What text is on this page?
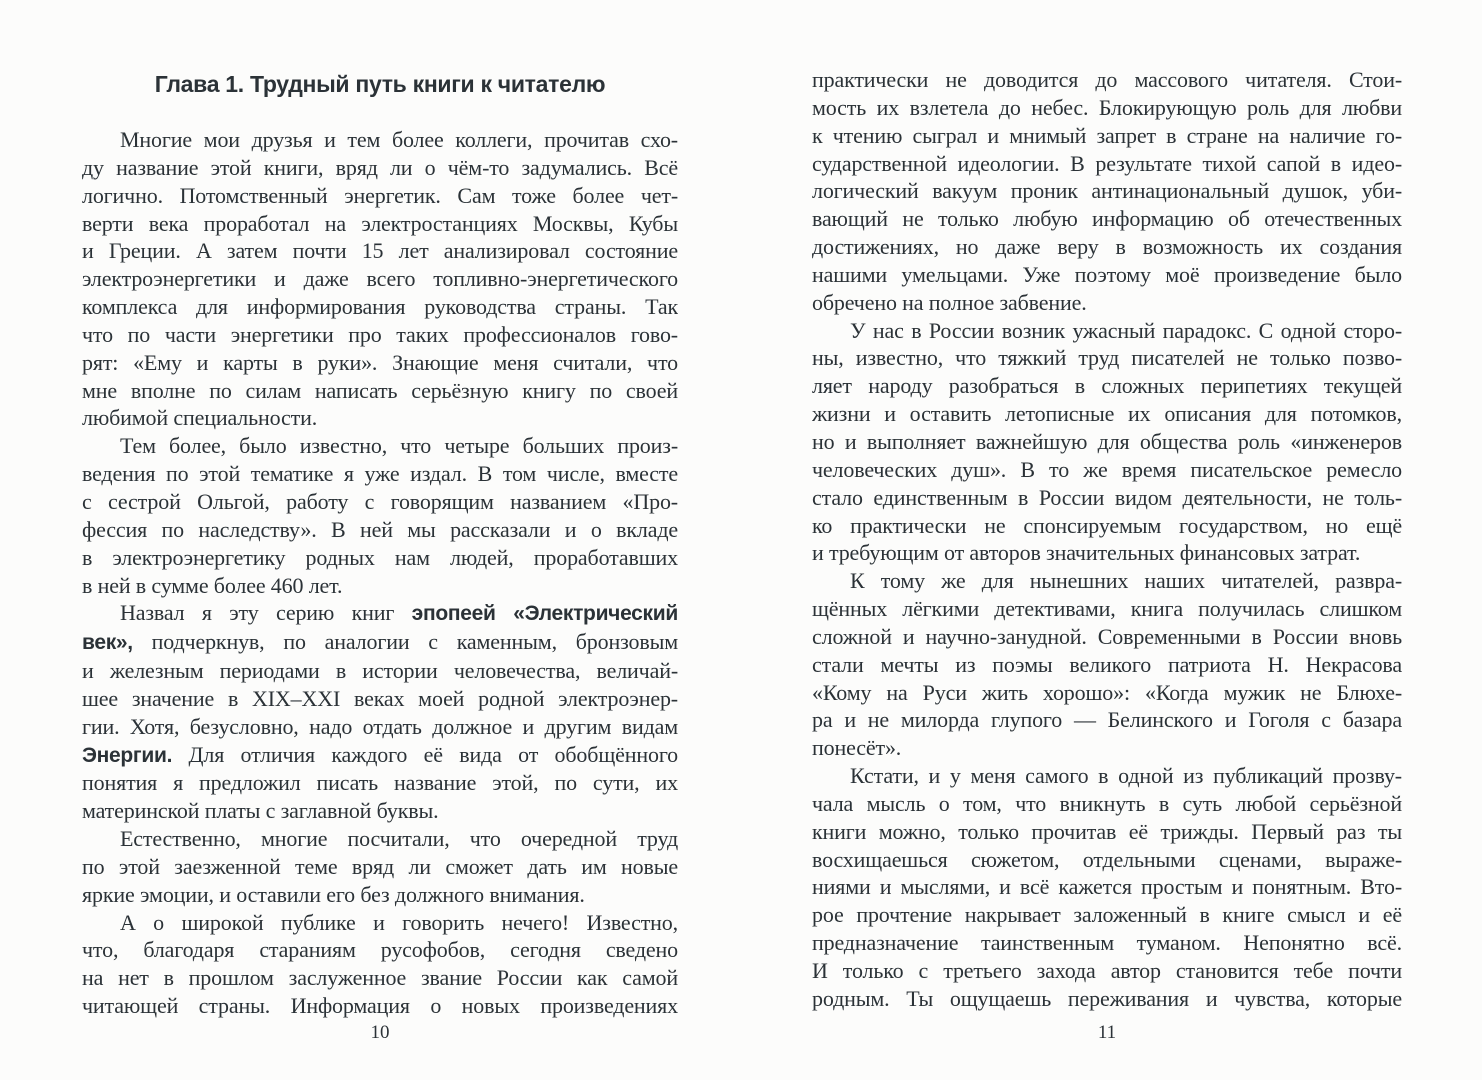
Глава 1. Трудный путь книги к читателю
Многие мои друзья и тем более коллеги, прочитав схо-
ду название этой книги, вряд ли о чём-то задумались. Всё
логично. Потомственный энергетик. Сам тоже более чет-
верти века проработал на электростанциях Москвы, Кубы
и Греции. А затем почти 15 лет анализировал состояние
электроэнергетики и даже всего топливно-энергетического
комплекса для информирования руководства страны. Так
что по части энергетики про таких профессионалов гово-
рят: «Ему и карты в руки». Знающие меня считали, что
мне вполне по силам написать серьёзную книгу по своей
любимой специальности.
Тем более, было известно, что четыре больших произ-
ведения по этой тематике я уже издал. В том числе, вместе
с сестрой Ольгой, работу с говорящим названием «Про-
фессия по наследству». В ней мы рассказали и о вкладе
в электроэнергетику родных нам людей, проработавших
в ней в сумме более 460 лет.
Назвал я эту серию книг эпопеей «Электрический
век», подчеркнув, по аналогии с каменным, бронзовым
и железным периодами в истории человечества, величай-
шее значение в XIX–XXI веках моей родной электроэнер-
гии. Хотя, безусловно, надо отдать должное и другим видам
Энергии. Для отличия каждого её вида от обобщённого
понятия я предложил писать название этой, по сути, их
материнской платы с заглавной буквы.
Естественно, многие посчитали, что очередной труд
по этой заезженной теме вряд ли сможет дать им новые
яркие эмоции, и оставили его без должного внимания.
А о широкой публике и говорить нечего! Известно,
что, благодаря стараниям русофобов, сегодня сведено
на нет в прошлом заслуженное звание России как самой
читающей страны. Информация о новых произведениях
практически не доводится до массового читателя. Стои-
мость их взлетела до небес. Блокирующую роль для любви
к чтению сыграл и мнимый запрет в стране на наличие го-
сударственной идеологии. В результате тихой сапой в идео-
логический вакуум проник антинациональный душок, уби-
вающий не только любую информацию об отечественных
достижениях, но даже веру в возможность их создания
нашими умельцами. Уже поэтому моё произведение было
обречено на полное забвение.
У нас в России возник ужасный парадокс. С одной сторо-
ны, известно, что тяжкий труд писателей не только позво-
ляет народу разобраться в сложных перипетиях текущей
жизни и оставить летописные их описания для потомков,
но и выполняет важнейшую для общества роль «инженеров
человеческих душ». В то же время писательское ремесло
стало единственным в России видом деятельности, не толь-
ко практически не спонсируемым государством, но ещё
и требующим от авторов значительных финансовых затрат.
К тому же для нынешних наших читателей, развра-
щённых лёгкими детективами, книга получилась слишком
сложной и научно-занудной. Современными в России вновь
стали мечты из поэмы великого патриота Н. Некрасова
«Кому на Руси жить хорошо»: «Когда мужик не Блюхе-
ра и не милорда глупого — Белинского и Гоголя с базара
понесёт».
Кстати, и у меня самого в одной из публикаций прозву-
чала мысль о том, что вникнуть в суть любой серьёзной
книги можно, только прочитав её трижды. Первый раз ты
восхищаешься сюжетом, отдельными сценами, выраже-
ниями и мыслями, и всё кажется простым и понятным. Вто-
рое прочтение накрывает заложенный в книге смысл и её
предназначение таинственным туманом. Непонятно всё.
И только с третьего захода автор становится тебе почти
родным. Ты ощущаешь переживания и чувства, которые
10	11
